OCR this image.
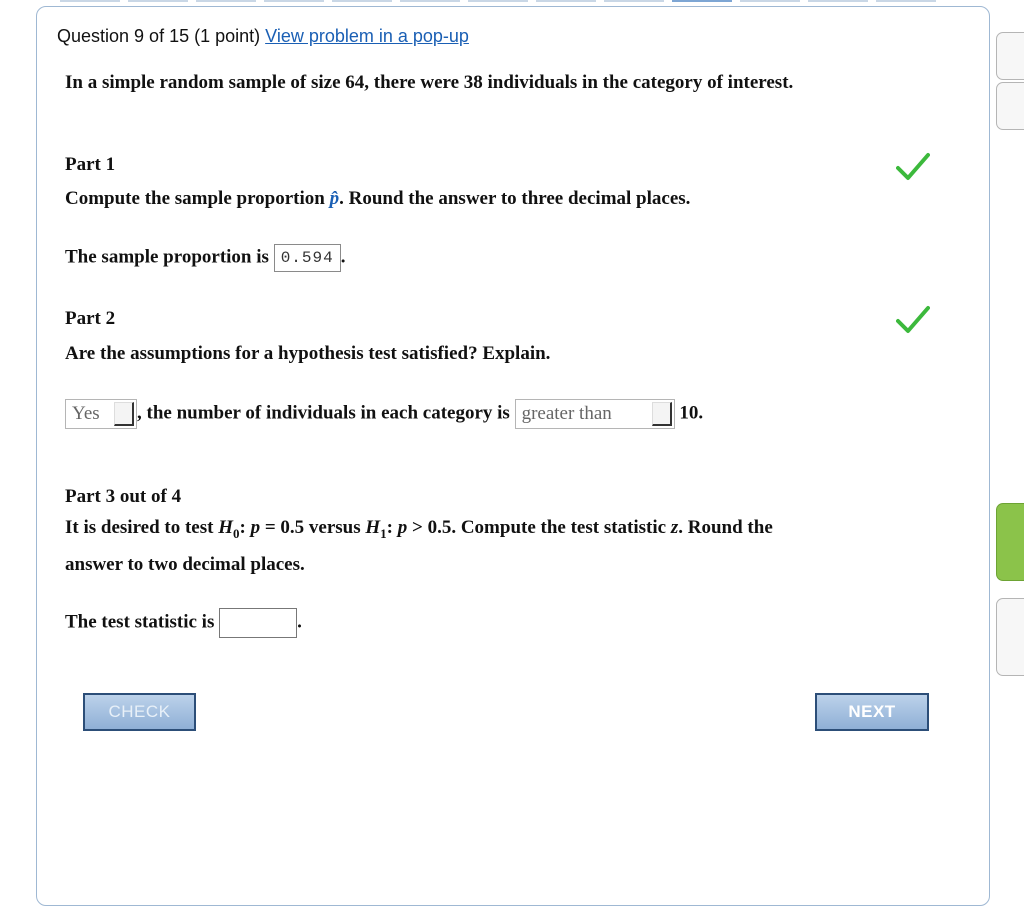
Question 9 of 15 (1 point) View problem in a pop-up
In a simple random sample of size 64, there were 38 individuals in the category of interest.
Part 1
Compute the sample proportion p̂. Round the answer to three decimal places.
The sample proportion is 0.594 .
Part 2
Are the assumptions for a hypothesis test satisfied? Explain.
Yes , the number of individuals in each category is greater than	10.
Part 3 out of 4
It is desired to test $H_0$: p = 0.5 versus $H_1$: p > 0.5. Compute the test statistic z. Round the
answer to two decimal places.
The test statistic is	.
CHECK	NEXT
